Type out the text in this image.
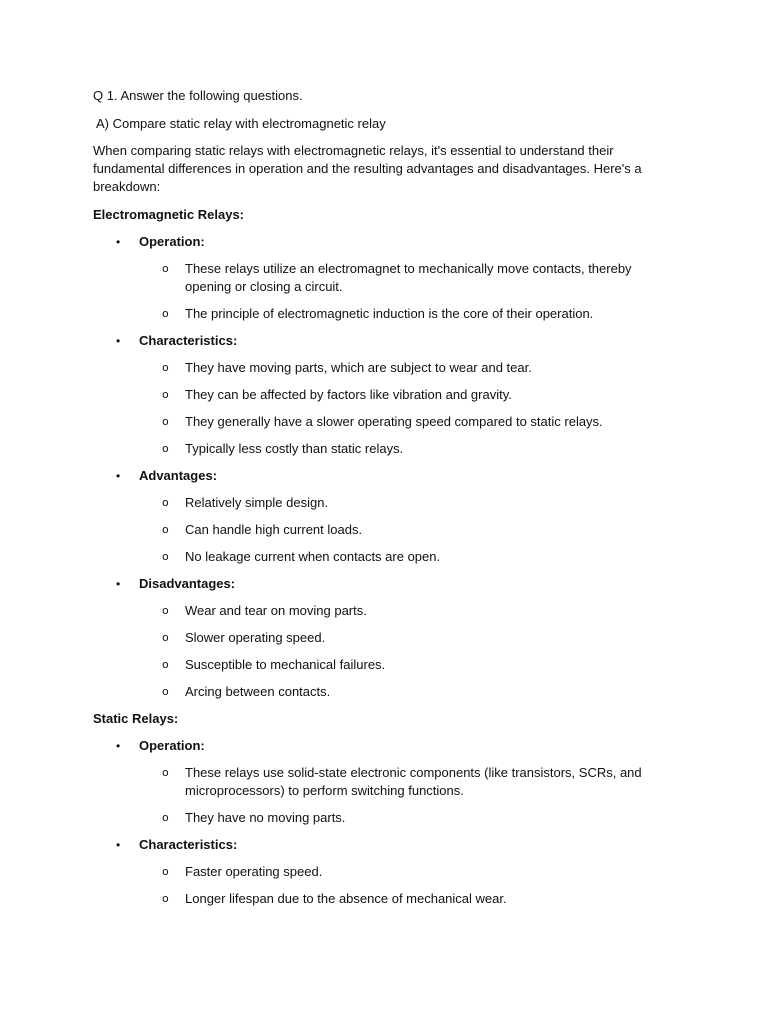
Q 1. Answer the following questions.

A) Compare static relay with electromagnetic relay

When comparing static relays with electromagnetic relays, it's essential to understand their fundamental differences in operation and the resulting advantages and disadvantages. Here's a breakdown:

Electromagnetic Relays:

• Operation:
o These relays utilize an electromagnet to mechanically move contacts, thereby opening or closing a circuit.
o The principle of electromagnetic induction is the core of their operation.
• Characteristics:
o They have moving parts, which are subject to wear and tear.
o They can be affected by factors like vibration and gravity.
o They generally have a slower operating speed compared to static relays.
o Typically less costly than static relays.
• Advantages:
o Relatively simple design.
o Can handle high current loads.
o No leakage current when contacts are open.
• Disadvantages:
o Wear and tear on moving parts.
o Slower operating speed.
o Susceptible to mechanical failures.
o Arcing between contacts.

Static Relays:

• Operation:
o These relays use solid-state electronic components (like transistors, SCRs, and microprocessors) to perform switching functions.
o They have no moving parts.
• Characteristics:
o Faster operating speed.
o Longer lifespan due to the absence of mechanical wear.
